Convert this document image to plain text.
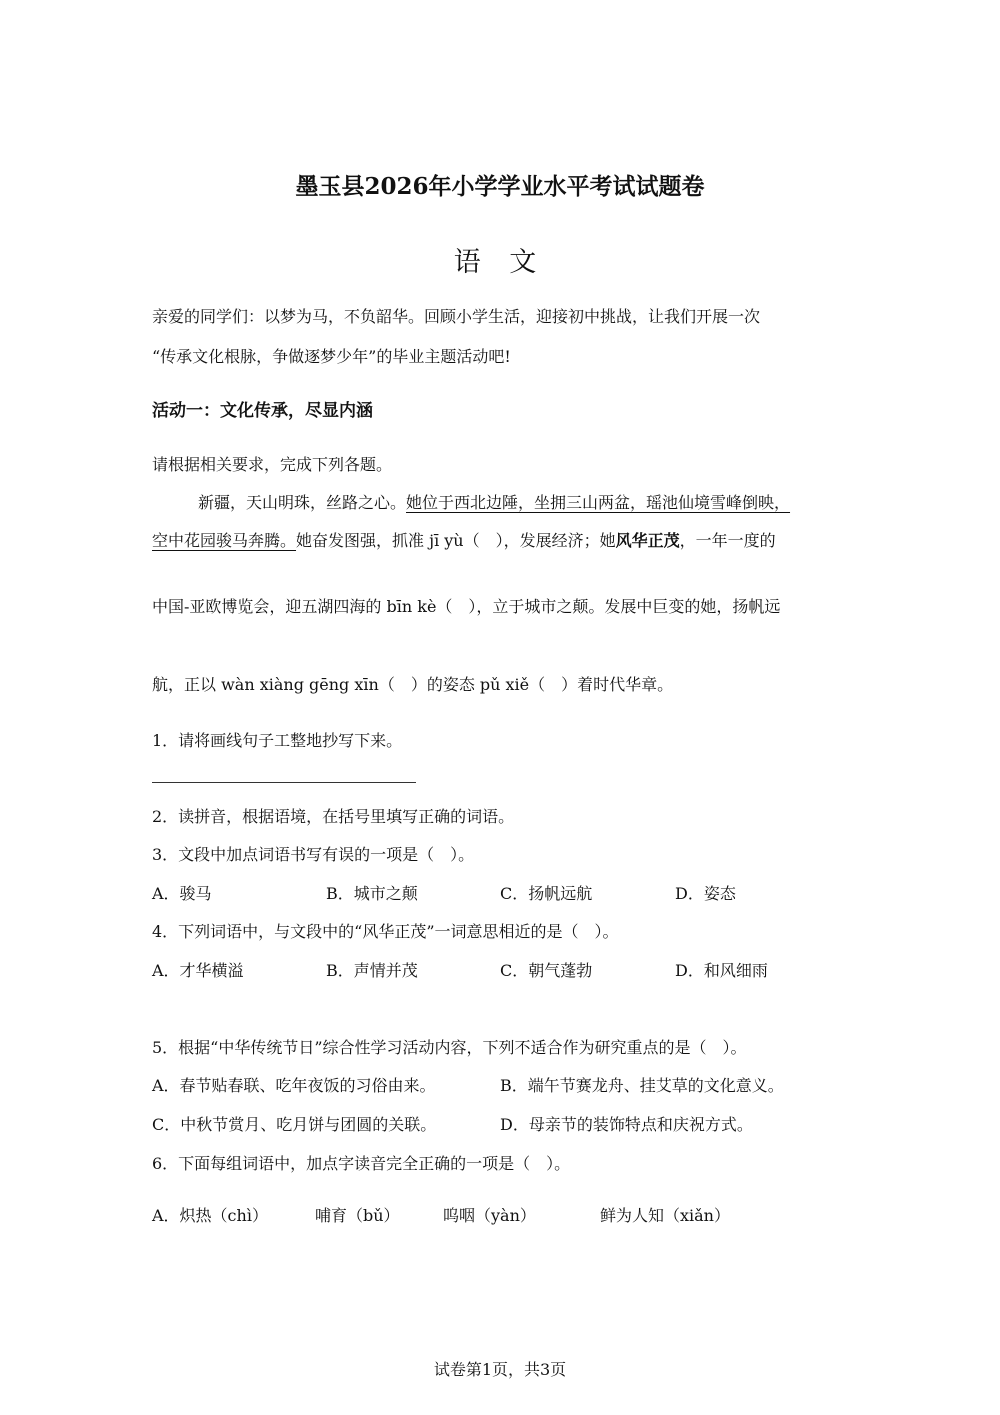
墨玉县2026年小学学业水平考试试题卷
语 文
亲爱的同学们：以梦为马，不负韶华。回顾小学生活，迎接初中挑战，让我们开展一次
“传承文化根脉，争做逐梦少年”的毕业主题活动吧!
活动一：文化传承，尽显内涵
请根据相关要求，完成下列各题。
新疆，天山明珠，丝路之心。她位于西北边陲，坐拥三山两盆，瑶池仙境雪峰倒映，
空中花园骏马奔腾。她奋发图强，抓准 jī yù（　），发展经济；她风华正茂，一年一度的
中国-亚欧博览会，迎五湖四海的 bīn kè（　），立于城市之颠。发展中巨变的她，扬帆远
航，正以 wàn xiàng gēng xīn（　）的姿态 pǔ xiě（　）着时代华章。
1．请将画线句子工整地抄写下来。
2．读拼音，根据语境，在括号里填写正确的词语。
3．文段中加点词语书写有误的一项是（　）。
A．骏马	B．城市之颠	C．扬帆远航	D．姿态
4．下列词语中，与文段中的“风华正茂”一词意思相近的是（　）。
A．才华横溢	B．声情并茂	C．朝气蓬勃	D．和风细雨
5．根据“中华传统节日”综合性学习活动内容，下列不适合作为研究重点的是（　）。
A．春节贴春联、吃年夜饭的习俗由来。	B．端午节赛龙舟、挂艾草的文化意义。
C．中秋节赏月、吃月饼与团圆的关联。	D．母亲节的装饰特点和庆祝方式。
6．下面每组词语中，加点字读音完全正确的一项是（　）。
A．炽热（chì）	哺育（bǔ）	呜咽（yàn）	鲜为人知（xiǎn）
试卷第1页，共3页
